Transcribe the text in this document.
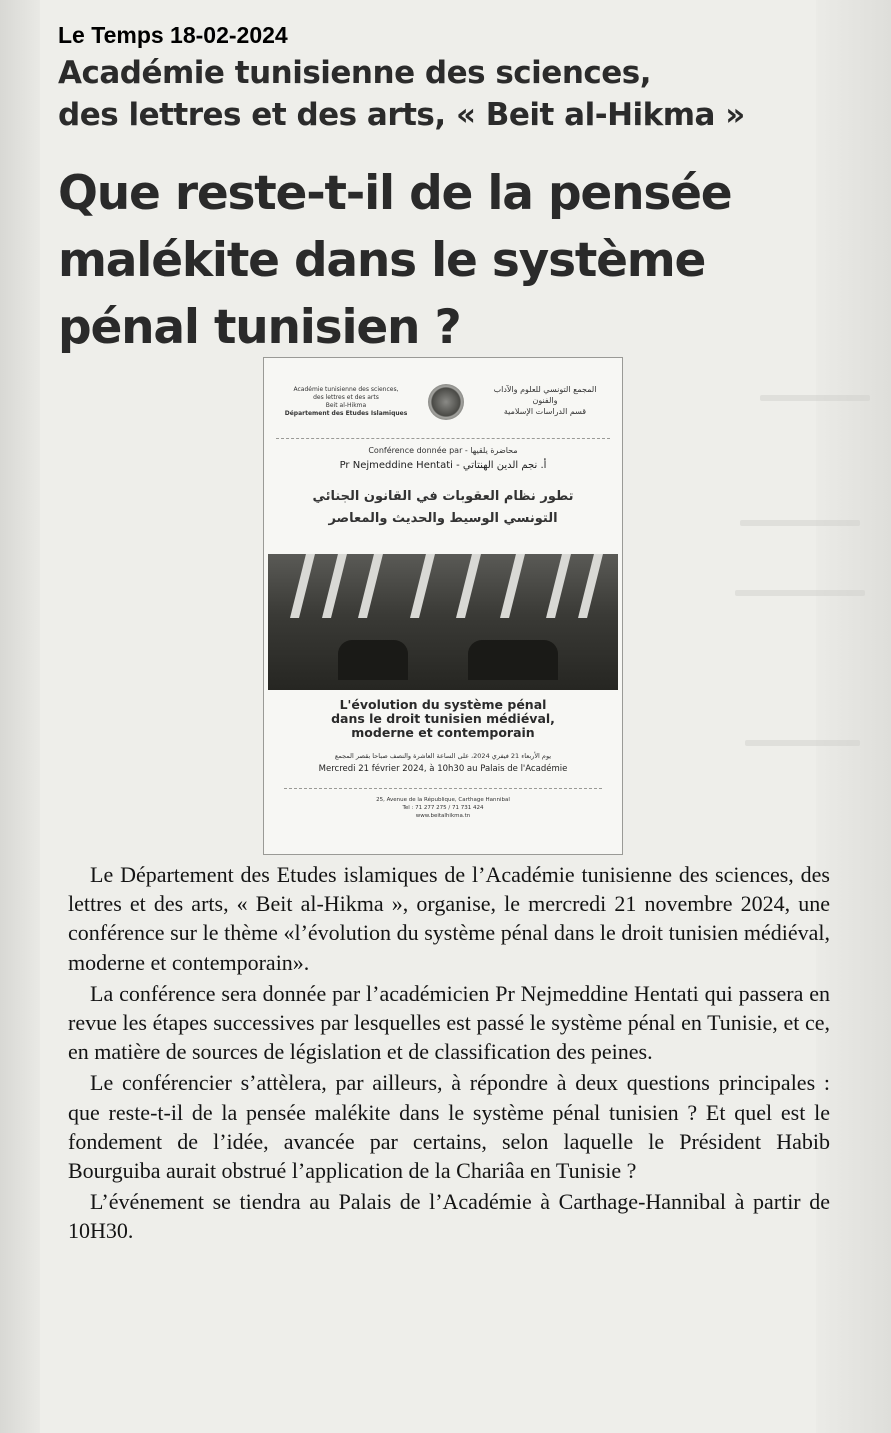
Le Temps 18-02-2024
Académie tunisienne des sciences,
des lettres et des arts, « Beit al-Hikma »
Que reste-t-il de la pensée
malékite dans le système
pénal tunisien ?
Académie tunisienne des sciences,
des lettres et des arts
Beit al-Hikma
Département des Etudes Islamiques
المجمع التونسي للعلوم والآداب والفنون
قسم الدراسات الإسلامية
Conférence donnée par - محاضرة يلقيها
Pr Nejmeddine Hentati - أ. نجم الدين الهنتاتي
تطور نظام العقوبات في القانون الجنائي
التونسي الوسيط والحديث والمعاصر
L'évolution du système pénal
dans le droit tunisien médiéval,
moderne et contemporain
يوم الأربعاء 21 فيفري 2024، على الساعة العاشرة والنصف صباحا بقصر المجمع
Mercredi 21 février 2024, à 10h30 au Palais de l'Académie
25, Avenue de la République, Carthage Hannibal
Tel : 71 277 275 / 71 731 424
www.beitalhikma.tn

Le Département des Etudes islamiques de l’Académie tunisienne des sciences, des lettres et des arts, « Beit al-Hikma », organise, le mercredi 21 novembre 2024, une conférence sur le thème «l’évolution du système pénal dans le droit tunisien médiéval, moderne et contemporain».

La conférence sera donnée par l’académicien Pr Nejmeddine Hentati qui passera en revue les étapes successives par lesquelles est passé le système pénal en Tunisie, et ce, en matière de sources de législation et de classification des peines.

Le conférencier s’attèlera, par ailleurs, à répondre à deux questions principales : que reste-t-il de la pensée malékite dans le système pénal tunisien ? Et quel est le fondement de l’idée, avancée par certains, selon laquelle le Président Habib Bourguiba aurait obstrué l’application de la Chariâa en Tunisie ?

L’événement se tiendra au Palais de l’Académie à Carthage-Hannibal à partir de 10H30.
